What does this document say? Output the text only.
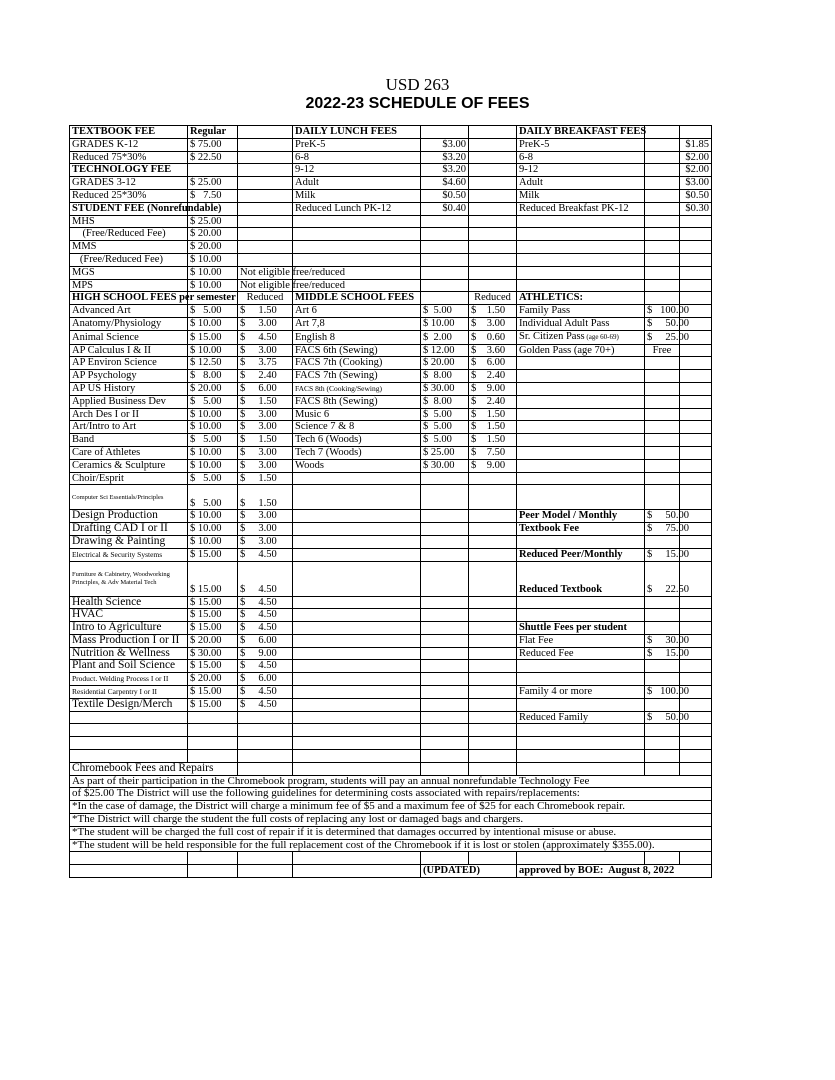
USD 263
2022-23 SCHEDULE OF FEES
TEXTBOOK FEE	Regular		DAILY LUNCH FEES			DAILY BREAKFAST FEES		
GRADES K-12	$ 75.00		PreK-5	$3.00		PreK-5		$1.85
Reduced 75*30%	$ 22.50		6-8	$3.20		6-8		$2.00
TECHNOLOGY FEE			9-12	$3.20		9-12		$2.00
GRADES 3-12	$ 25.00		Adult	$4.60		Adult		$3.00
Reduced 25*30%	$   7.50		Milk	$0.50		Milk		$0.50
STUDENT FEE (Nonrefundable)			Reduced Lunch PK-12	$0.40		Reduced Breakfast PK-12		$0.30
MHS	$ 25.00							
(Free/Reduced Fee)	$ 20.00							
MMS	$ 20.00							
(Free/Reduced Fee)	$ 10.00							
MGS	$ 10.00	Not eligible free/reduced						
MPS	$ 10.00	Not eligible free/reduced						
HIGH SCHOOL FEES per semester		Reduced	MIDDLE SCHOOL FEES		Reduced	ATHLETICS:		
Advanced Art	$   5.00	$     1.50	Art 6	$  5.00	$    1.50	Family Pass	$   100.00	
Anatomy/Physiology	$ 10.00	$     3.00	Art 7,8	$ 10.00	$    3.00	Individual Adult Pass	$     50.00	
Animal Science	$ 15.00	$     4.50	English 8	$  2.00	$    0.60	Sr. Citizen Pass (age 60-69)	$     25.00	
AP Calculus I & II	$ 10.00	$     3.00	FACS 6th (Sewing)	$ 12.00	$    3.60	Golden Pass (age 70+)	Free	
AP Environ Science	$ 12.50	$     3.75	FACS 7th (Cooking)	$ 20.00	$    6.00			
AP Psychology	$   8.00	$     2.40	FACS 7th (Sewing)	$  8.00	$    2.40			
AP US History	$ 20.00	$     6.00	FACS 8th (Cooking/Sewing)	$ 30.00	$    9.00			
Applied Business Dev	$   5.00	$     1.50	FACS 8th (Sewing)	$  8.00	$    2.40			
Arch Des I or II	$ 10.00	$     3.00	Music 6	$  5.00	$    1.50			
Art/Intro to Art	$ 10.00	$     3.00	Science 7 & 8	$  5.00	$    1.50			
Band	$   5.00	$     1.50	Tech 6 (Woods)	$  5.00	$    1.50			
Care of Athletes	$ 10.00	$     3.00	Tech 7 (Woods)	$ 25.00	$    7.50			
Ceramics & Sculpture	$ 10.00	$     3.00	Woods	$ 30.00	$    9.00			
Choir/Esprit	$   5.00	$     1.50						
Computer Sci Essentials/Principles	$   5.00	$     1.50						
Design Production	$ 10.00	$     3.00				Peer Model / Monthly	$     50.00	
Drafting CAD I or II	$ 10.00	$     3.00				Textbook Fee	$     75.00	
Drawing & Painting	$ 10.00	$     3.00						
Electrical & Security Systems	$ 15.00	$     4.50				Reduced Peer/Monthly	$     15.00	
Furniture & Cabinetry, Woodworking Principles, & Adv Material Tech	$ 15.00	$     4.50				Reduced Textbook	$     22.50	
Health Science	$ 15.00	$     4.50						
HVAC	$ 15.00	$     4.50						
Intro to Agriculture	$ 15.00	$     4.50				Shuttle Fees per student		
Mass Production I or II	$ 20.00	$     6.00				Flat Fee	$     30.00	
Nutrition & Wellness	$ 30.00	$     9.00				Reduced Fee	$     15.00	
Plant and Soil Science	$ 15.00	$     4.50						
Product. Welding Process I or II	$ 20.00	$     6.00						
Residential Carpentry I or II	$ 15.00	$     4.50				Family 4 or more	$   100.00	
Textile Design/Merch	$ 15.00	$     4.50						
						Reduced Family	$     50.00	

Chromebook Fees and Repairs								
As part of their participation in the Chromebook program, students will pay an annual nonrefundable Technology Fee								
of $25.00 The District will use the following guidelines for determining costs associated with repairs/replacements:								
*In the case of damage, the District will charge a minimum fee of $5 and a maximum fee of $25 for each Chromebook repair.								
*The District will charge the student the full costs of replacing any lost or damaged bags and chargers.								
*The student will be charged the full cost of repair if it is determined that damages occurred by intentional misuse or abuse.								
*The student will be held responsible for the full replacement cost of the Chromebook if it is lost or stolen (approximately $355.00).								

				(UPDATED)		approved by BOE:  August 8, 2022		
